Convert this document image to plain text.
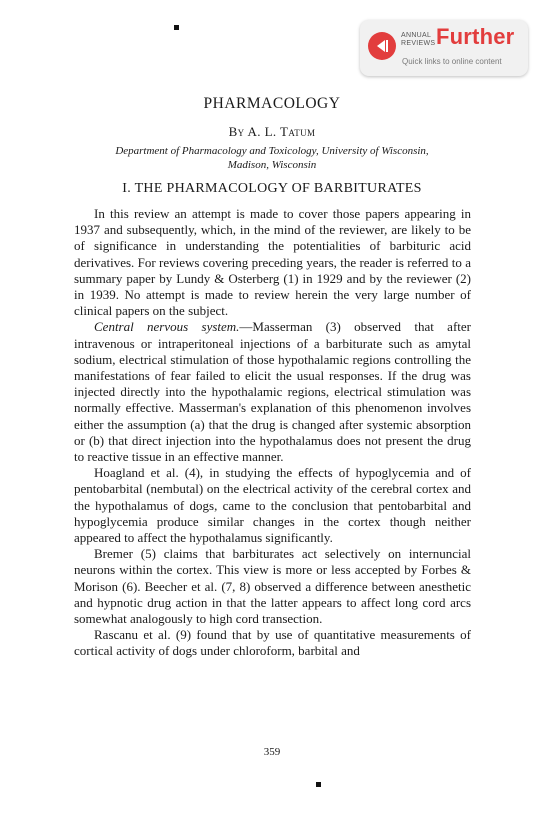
ANNUAL
REVIEWS Further
Quick links to online content
PHARMACOLOGY
By A. L. Tatum
Department of Pharmacology and Toxicology, University of Wisconsin,
Madison, Wisconsin
I. THE PHARMACOLOGY OF BARBITURATES

In this review an attempt is made to cover those papers appearing in 1937 and subsequently, which, in the mind of the reviewer, are likely to be of significance in understanding the potentialities of barbituric acid derivatives. For reviews covering preceding years, the reader is referred to a summary paper by Lundy & Osterberg (1) in 1929 and by the reviewer (2) in 1939. No attempt is made to review herein the very large number of clinical papers on the subject.

Central nervous system.—Masserman (3) observed that after intravenous or intraperitoneal injections of a barbiturate such as amytal sodium, electrical stimulation of those hypothalamic regions controlling the manifestations of fear failed to elicit the usual responses. If the drug was injected directly into the hypothalamic regions, electrical stimulation was normally effective. Masserman's explanation of this phenomenon involves either the assumption (a) that the drug is changed after systemic absorption or (b) that direct injection into the hypothalamus does not present the drug to reactive tissue in an effective manner.

Hoagland et al. (4), in studying the effects of hypoglycemia and of pentobarbital (nembutal) on the electrical activity of the cerebral cortex and the hypothalamus of dogs, came to the conclusion that pentobarbital and hypoglycemia produce similar changes in the cortex though neither appeared to affect the hypothalamus significantly.

Bremer (5) claims that barbiturates act selectively on internuncial neurons within the cortex. This view is more or less accepted by Forbes & Morison (6). Beecher et al. (7, 8) observed a difference between anesthetic and hypnotic drug action in that the latter appears to affect long cord arcs somewhat analogously to high cord transection.

Rascanu et al. (9) found that by use of quantitative measurements of cortical activity of dogs under chloroform, barbital and

359
